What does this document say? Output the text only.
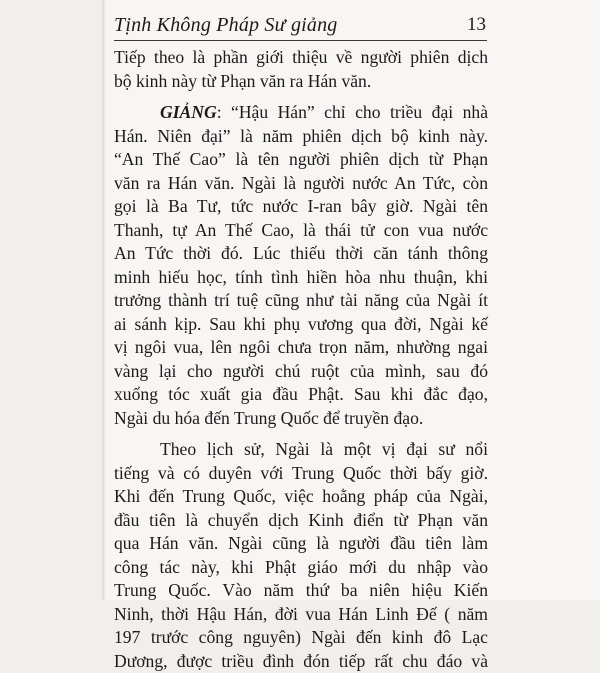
Tịnh Không Pháp Sư giảng	13
Tiếp theo là phần giới thiệu về người phiên dịch
bộ kinh này từ Phạn văn ra Hán văn.
GIẢNG: “Hậu Hán” chỉ cho triều đại nhà
Hán. Niên đại” là năm phiên dịch bộ kinh này.
“An Thế Cao” là tên người phiên dịch từ Phạn
văn ra Hán văn. Ngài là người nước An Tức, còn
gọi là Ba Tư, tức nước I-ran bây giờ. Ngài tên
Thanh, tự An Thế Cao, là thái tử con vua nước
An Tức thời đó. Lúc thiếu thời căn tánh thông
minh hiếu học, tính tình hiền hòa nhu thuận, khi
trưởng thành trí tuệ cũng như tài năng của Ngài ít
ai sánh kịp. Sau khi phụ vương qua đời, Ngài kế
vị ngôi vua, lên ngôi chưa trọn năm, nhường ngai
vàng lại cho người chú ruột của mình, sau đó
xuống tóc xuất gia đầu Phật. Sau khi đắc đạo,
Ngài du hóa đến Trung Quốc để truyền đạo.
Theo lịch sử, Ngài là một vị đại sư nổi
tiếng và có duyên với Trung Quốc thời bấy giờ.
Khi đến Trung Quốc, việc hoằng pháp của Ngài,
đầu tiên là chuyển dịch Kinh điển từ Phạn văn
qua Hán văn. Ngài cũng là người đầu tiên làm
công tác này, khi Phật giáo mới du nhập vào
Trung Quốc. Vào năm thứ ba niên hiệu Kiến
Ninh, thời Hậu Hán, đời vua Hán Linh Đế ( năm
197 trước công nguyên) Ngài đến kinh đô Lạc
Dương, được triều đình đón tiếp rất chu đáo và
